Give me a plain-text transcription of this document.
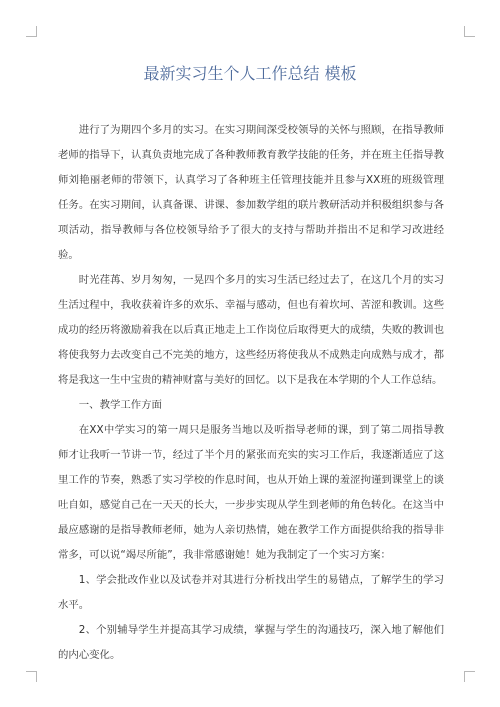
最新实习生个人工作总结 模板

进行了为期四个多月的实习。在实习期间深受校领导的关怀与照顾，在指导教师老师的指导下，认真负责地完成了各种教师教育教学技能的任务，并在班主任指导教师刘艳丽老师的带领下，认真学习了各种班主任管理技能并且参与XX班的班级管理任务。在实习期间，认真备课、讲课、参加数学组的联片教研活动并积极组织参与各项活动，指导教师与各位校领导给予了很大的支持与帮助并指出不足和学习改进经验。

时光荏苒、岁月匆匆，一晃四个多月的实习生活已经过去了，在这几个月的实习生活过程中，我收获着许多的欢乐、幸福与感动，但也有着坎坷、苦涩和教训。这些成功的经历将激励着我在以后真正地走上工作岗位后取得更大的成绩，失败的教训也将使我努力去改变自己不完美的地方，这些经历将使我从不成熟走向成熟与成才，都将是我这一生中宝贵的精神财富与美好的回忆。以下是我在本学期的个人工作总结。

一、教学工作方面

在XX中学实习的第一周只是服务当地以及听指导老师的课，到了第二周指导教师才让我听一节讲一节，经过了半个月的紧张而充实的实习工作后，我逐渐适应了这里工作的节奏，熟悉了实习学校的作息时间，也从开始上课的羞涩拘谨到课堂上的谈吐自如，感觉自己在一天天的长大，一步步实现从学生到老师的角色转化。在这当中最应感谢的是指导教师老师，她为人亲切热情，她在教学工作方面提供给我的指导非常多，可以说“竭尽所能”，我非常感谢她！她为我制定了一个实习方案：

1、学会批改作业以及试卷并对其进行分析找出学生的易错点，了解学生的学习水平。

2、个别辅导学生并提高其学习成绩，掌握与学生的沟通技巧，深入地了解他们的内心变化。
